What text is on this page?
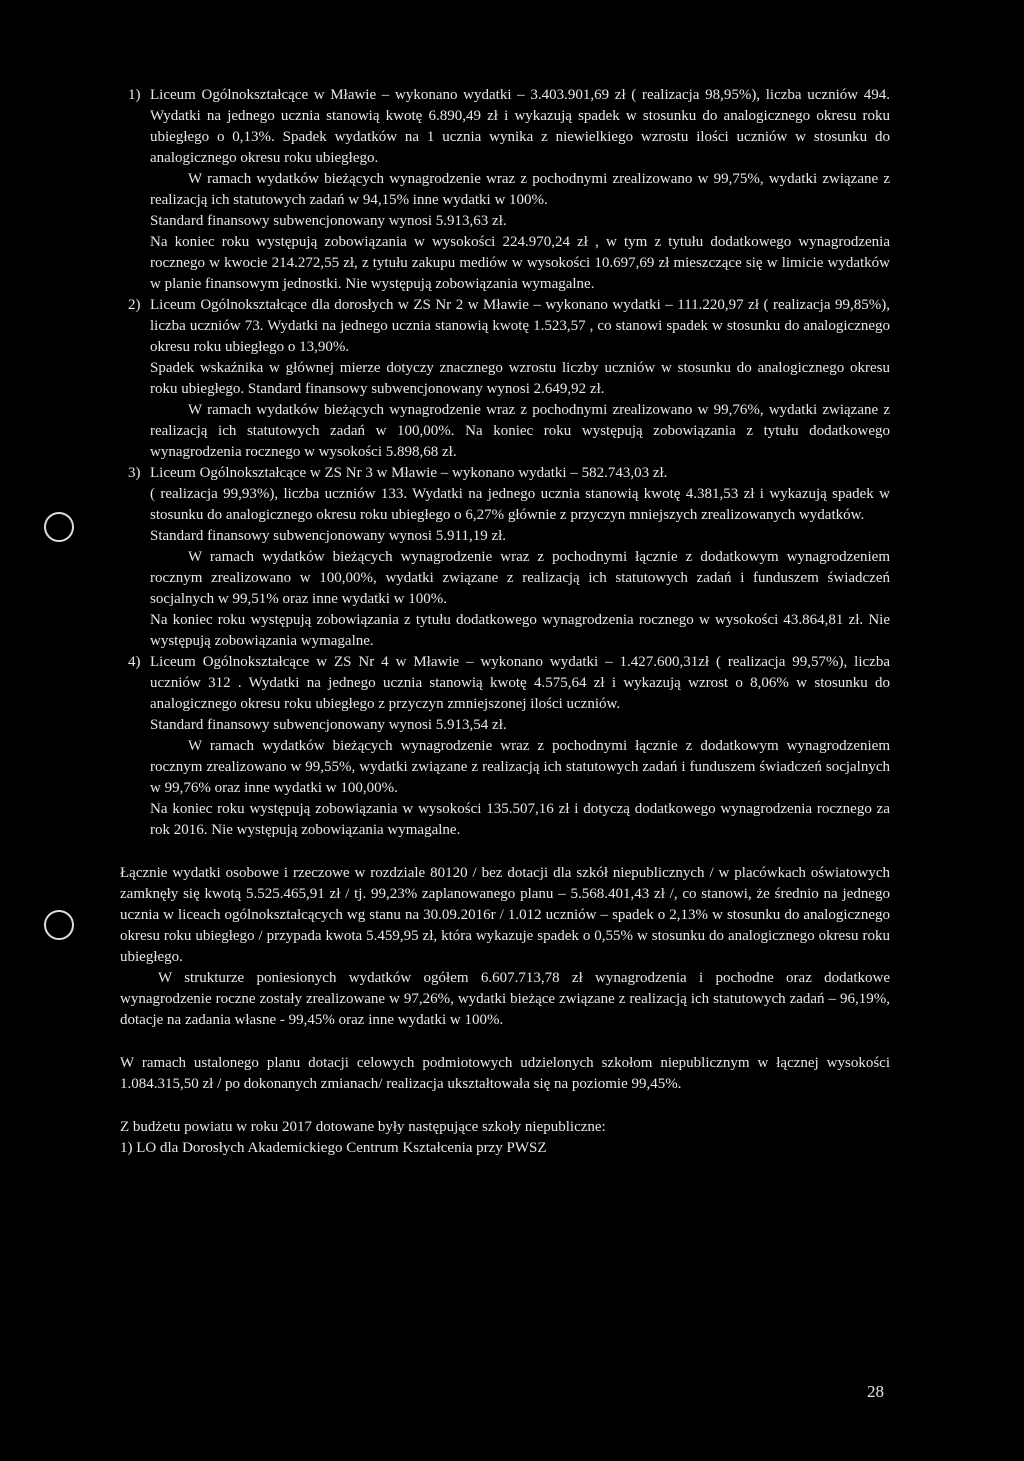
1) Liceum Ogólnokształcące w Mławie – wykonano wydatki – 3.403.901,69 zł ( realizacja 98,95%), liczba uczniów 494. Wydatki na jednego ucznia stanowią kwotę 6.890,49 zł i wykazują spadek w stosunku do analogicznego okresu roku ubiegłego o 0,13%. Spadek wydatków na 1 ucznia wynika z niewielkiego wzrostu ilości uczniów w stosunku do analogicznego okresu roku ubiegłego.

W ramach wydatków bieżących wynagrodzenie wraz z pochodnymi zrealizowano w 99,75%, wydatki związane z realizacją ich statutowych zadań w 94,15% inne wydatki w 100%.

Standard finansowy subwencjonowany wynosi 5.913,63 zł.

Na koniec roku występują zobowiązania w wysokości 224.970,24 zł , w tym z tytułu dodatkowego wynagrodzenia rocznego w kwocie 214.272,55 zł, z tytułu zakupu mediów w wysokości 10.697,69 zł mieszczące się w limicie wydatków w planie finansowym jednostki. Nie występują zobowiązania wymagalne.

2) Liceum Ogólnokształcące dla dorosłych w ZS Nr 2 w Mławie – wykonano wydatki – 111.220,97 zł ( realizacja 99,85%), liczba uczniów 73. Wydatki na jednego ucznia stanowią kwotę 1.523,57 , co stanowi spadek w stosunku do analogicznego okresu roku ubiegłego o 13,90%.

Spadek wskaźnika w głównej mierze dotyczy znacznego wzrostu liczby uczniów w stosunku do analogicznego okresu roku ubiegłego. Standard finansowy subwencjonowany wynosi 2.649,92 zł.

W ramach wydatków bieżących wynagrodzenie wraz z pochodnymi zrealizowano w 99,76%, wydatki związane z realizacją ich statutowych zadań w 100,00%. Na koniec roku występują zobowiązania z tytułu dodatkowego wynagrodzenia rocznego w wysokości 5.898,68 zł.

3) Liceum Ogólnokształcące w ZS Nr 3 w Mławie – wykonano wydatki – 582.743,03 zł.

( realizacja 99,93%), liczba uczniów 133. Wydatki na jednego ucznia stanowią kwotę 4.381,53 zł i wykazują spadek w stosunku do analogicznego okresu roku ubiegłego o 6,27% głównie z przyczyn mniejszych zrealizowanych wydatków.

Standard finansowy subwencjonowany wynosi 5.911,19 zł.

W ramach wydatków bieżących wynagrodzenie wraz z pochodnymi łącznie z dodatkowym wynagrodzeniem rocznym zrealizowano w 100,00%, wydatki związane z realizacją ich statutowych zadań i funduszem świadczeń socjalnych w 99,51% oraz inne wydatki w 100%.

Na koniec roku występują zobowiązania z tytułu dodatkowego wynagrodzenia rocznego w wysokości 43.864,81 zł. Nie występują zobowiązania wymagalne.

4) Liceum Ogólnokształcące w ZS Nr 4 w Mławie – wykonano wydatki – 1.427.600,31zł ( realizacja 99,57%), liczba uczniów 312 . Wydatki na jednego ucznia stanowią kwotę 4.575,64 zł i wykazują wzrost o 8,06% w stosunku do analogicznego okresu roku ubiegłego z przyczyn zmniejszonej ilości uczniów.

Standard finansowy subwencjonowany wynosi 5.913,54 zł.

W ramach wydatków bieżących wynagrodzenie wraz z pochodnymi łącznie z dodatkowym wynagrodzeniem rocznym zrealizowano w 99,55%, wydatki związane z realizacją ich statutowych zadań i funduszem świadczeń socjalnych w 99,76% oraz inne wydatki w 100,00%.

Na koniec roku występują zobowiązania w wysokości 135.507,16 zł i dotyczą dodatkowego wynagrodzenia rocznego za rok 2016. Nie występują zobowiązania wymagalne.

Łącznie wydatki osobowe i rzeczowe w rozdziale 80120 / bez dotacji dla szkół niepublicznych / w placówkach oświatowych zamknęły się kwotą 5.525.465,91 zł / tj. 99,23% zaplanowanego planu – 5.568.401,43 zł /, co stanowi, że średnio na jednego ucznia w liceach ogólnokształcących wg stanu na 30.09.2016r / 1.012 uczniów – spadek o 2,13% w stosunku do analogicznego okresu roku ubiegłego / przypada kwota 5.459,95 zł, która wykazuje spadek o 0,55% w stosunku do analogicznego okresu roku ubiegłego.

W strukturze poniesionych wydatków ogółem 6.607.713,78 zł wynagrodzenia i pochodne oraz dodatkowe wynagrodzenie roczne zostały zrealizowane w 97,26%, wydatki bieżące związane z realizacją ich statutowych zadań – 96,19%, dotacje na zadania własne - 99,45% oraz inne wydatki w 100%.

W ramach ustalonego planu dotacji celowych podmiotowych udzielonych szkołom niepublicznym w łącznej wysokości 1.084.315,50 zł / po dokonanych zmianach/ realizacja ukształtowała się na poziomie 99,45%.

Z budżetu powiatu w roku 2017 dotowane były następujące szkoły niepubliczne:

1) LO dla Dorosłych Akademickiego Centrum Kształcenia przy PWSZ

28
